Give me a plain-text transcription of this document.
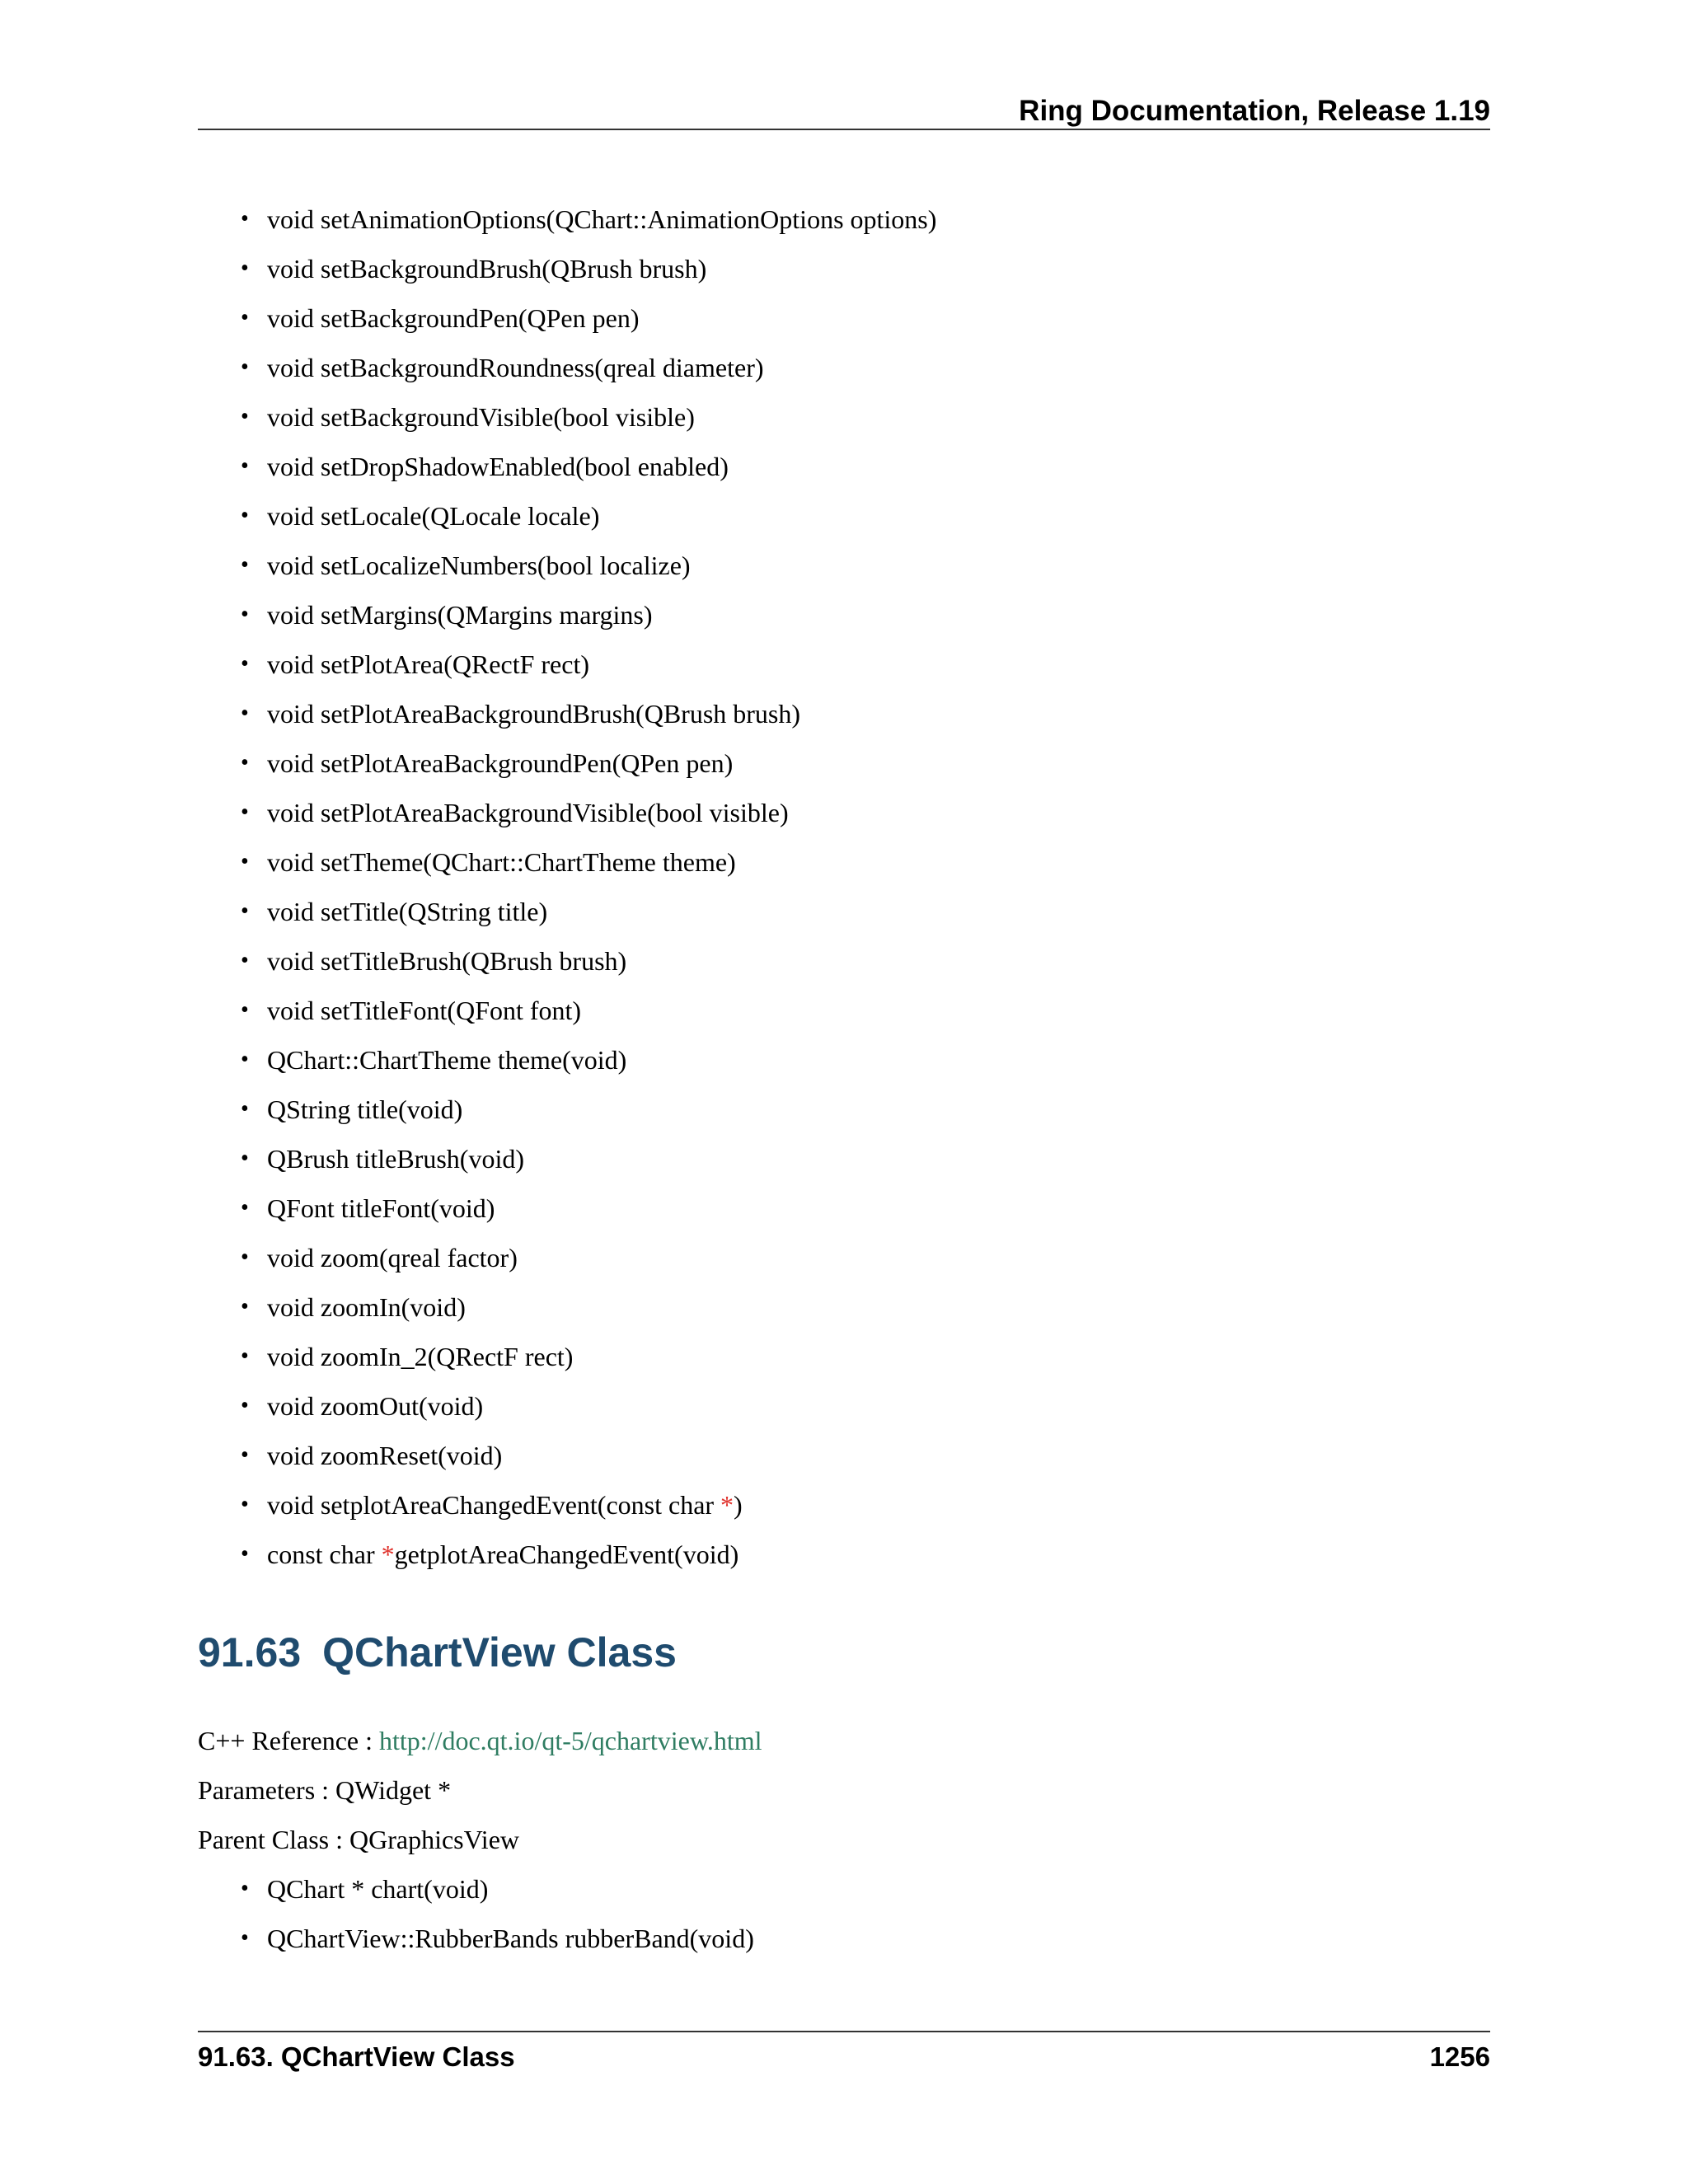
Ring Documentation, Release 1.19
• void setAnimationOptions(QChart::AnimationOptions options)
• void setBackgroundBrush(QBrush brush)
• void setBackgroundPen(QPen pen)
• void setBackgroundRoundness(qreal diameter)
• void setBackgroundVisible(bool visible)
• void setDropShadowEnabled(bool enabled)
• void setLocale(QLocale locale)
• void setLocalizeNumbers(bool localize)
• void setMargins(QMargins margins)
• void setPlotArea(QRectF rect)
• void setPlotAreaBackgroundBrush(QBrush brush)
• void setPlotAreaBackgroundPen(QPen pen)
• void setPlotAreaBackgroundVisible(bool visible)
• void setTheme(QChart::ChartTheme theme)
• void setTitle(QString title)
• void setTitleBrush(QBrush brush)
• void setTitleFont(QFont font)
• QChart::ChartTheme theme(void)
• QString title(void)
• QBrush titleBrush(void)
• QFont titleFont(void)
• void zoom(qreal factor)
• void zoomIn(void)
• void zoomIn_2(QRectF rect)
• void zoomOut(void)
• void zoomReset(void)
• void setplotAreaChangedEvent(const char *)
• const char *getplotAreaChangedEvent(void)
91.63 QChartView Class
C++ Reference : http://doc.qt.io/qt-5/qchartview.html
Parameters : QWidget *
Parent Class : QGraphicsView
• QChart * chart(void)
• QChartView::RubberBands rubberBand(void)
91.63. QChartView Class	1256
